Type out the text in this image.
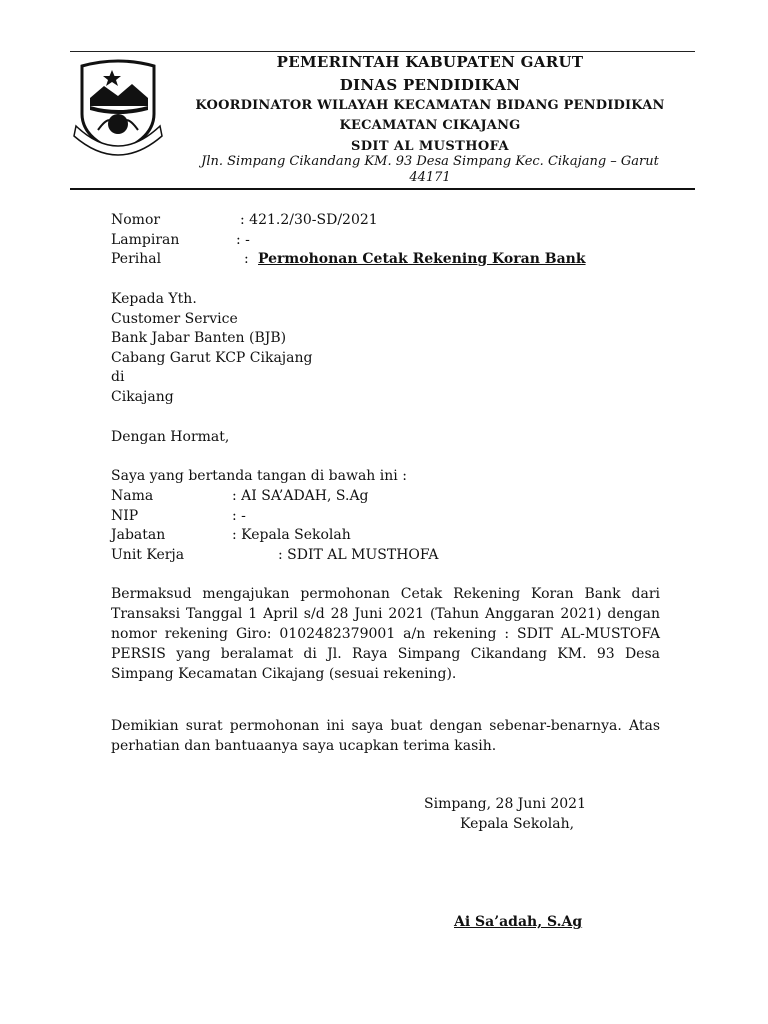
PEMERINTAH KABUPATEN GARUT
DINAS PENDIDIKAN
KOORDINATOR WILAYAH KECAMATAN BIDANG PENDIDIKAN
KECAMATAN CIKAJANG
SDIT AL MUSTHOFA
Jln. Simpang Cikandang KM. 93 Desa Simpang Kec. Cikajang – Garut 44171
Nomor	: 421.2/30-SD/2021
Lampiran	: -
Perihal	: Permohonan Cetak Rekening Koran Bank
Kepada Yth.
Customer Service
Bank Jabar Banten (BJB)
Cabang Garut KCP Cikajang
di
Cikajang
Dengan Hormat,
Saya yang bertanda tangan di bawah ini :
Nama	: AI SA’ADAH, S.Ag
NIP	: -
Jabatan	: Kepala Sekolah
Unit Kerja	: SDIT AL MUSTHOFA
Bermaksud mengajukan permohonan Cetak Rekening Koran Bank dari Transaksi Tanggal 1 April s/d 28 Juni 2021 (Tahun Anggaran 2021) dengan nomor rekening Giro: 0102482379001 a/n rekening : SDIT AL-MUSTOFA PERSIS yang beralamat di Jl. Raya Simpang Cikandang KM. 93 Desa Simpang Kecamatan Cikajang (sesuai rekening).
Demikian surat permohonan ini saya buat dengan sebenar-benarnya. Atas perhatian dan bantuaanya saya ucapkan terima kasih.
Simpang, 28 Juni 2021
Kepala Sekolah,
Ai Sa’adah, S.Ag
